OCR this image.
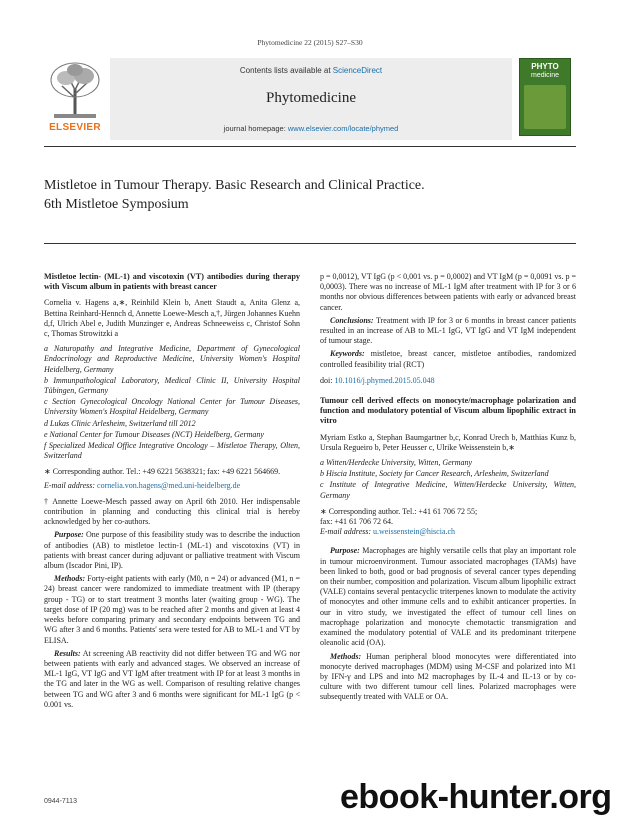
Phytomedicine 22 (2015) S27–S30
ELSEVIER
Contents lists available at ScienceDirect
Phytomedicine
journal homepage: www.elsevier.com/locate/phymed
PHYTO
medicine
Mistletoe in Tumour Therapy. Basic Research and Clinical Practice.
6th Mistletoe Symposium

Mistletoe lectin- (ML-1) and viscotoxin (VT) antibodies during therapy with Viscum album in patients with breast cancer

Cornelia v. Hagens a,∗, Reinhild Klein b, Anett Staudt a, Anita Glenz a, Bettina Reinhard-Hennch d, Annette Loewe-Mesch a,†, Jürgen Johannes Kuehn d,f, Ulrich Abel e, Judith Munzinger e, Andreas Schneeweiss c, Christof Sohn c, Thomas Strowitzki a

a Naturopathy and Integrative Medicine, Department of Gynecological Endocrinology and Reproductive Medicine, University Women's Hospital Heidelberg, Germany

b Immunpathological Laboratory, Medical Clinic II, University Hospital Tübingen, Germany

c Section Gynecological Oncology National Center for Tumour Diseases, University Women's Hospital Heidelberg, Germany

d Lukas Clinic Arlesheim, Switzerland till 2012

e National Center for Tumour Diseases (NCT) Heidelberg, Germany

f Specialized Medical Office Integrative Oncology – Mistletoe Therapy, Olten, Switzerland

∗ Corresponding author. Tel.: +49 6221 5638321; fax: +49 6221 564669.

E-mail address: cornelia.von.hagens@med.uni-heidelberg.de

† Annette Loewe-Mesch passed away on April 6th 2010. Her indispensable contribution in planning and conducting this clinical trial is hereby acknowledged by her co-authors.

Purpose: One purpose of this feasibility study was to describe the induction of antibodies (AB) to mistletoe lectin-1 (ML-1) and viscotoxins (VT) in patients with breast cancer during adjuvant or palliative treatment with Viscum album (Iscador Pini, IP).

Methods: Forty-eight patients with early (M0, n = 24) or advanced (M1, n = 24) breast cancer were randomized to immediate treatment with IP (therapy group - TG) or to start treatment 3 months later (waiting group - WG). The target dose of IP (20 mg) was to be reached after 2 months and given at least 4 weeks before comparing primary and secondary endpoints between TG and WG after 3 and 6 months. Patients' sera were tested for AB to ML-1 and VT by ELISA.

Results: At screening AB reactivity did not differ between TG and WG nor between patients with early and advanced stages. We observed an increase of ML-1 IgG, VT IgG and VT IgM after treatment with IP for at least 3 months in the TG and later in the WG as well. Comparison of resulting relative changes between TG and WG after 3 and 6 months were significant for ML-1 IgG (p < 0.001 vs.

p = 0,0012), VT IgG (p < 0,001 vs. p = 0,0002) and VT IgM (p = 0,0091 vs. p = 0,0003). There was no increase of ML-1 IgM after treatment with IP for 3 or 6 months nor obvious differences between patients with early or advanced breast cancer.

Conclusions: Treatment with IP for 3 or 6 months in breast cancer patients resulted in an increase of AB to ML-1 IgG, VT IgG and VT IgM independent of tumour stage.

Keywords: mistletoe, breast cancer, mistletoe antibodies, randomized controlled feasibility trial (RCT)

doi: 10.1016/j.phymed.2015.05.048

Tumour cell derived effects on monocyte/macrophage polarization and function and modulatory potential of Viscum album lipophilic extract in vitro

Myriam Estko a, Stephan Baumgartner b,c, Konrad Urech b, Matthias Kunz b, Ursula Regueiro b, Peter Heusser c, Ulrike Weissenstein b,∗

a Witten/Herdecke University, Witten, Germany

b Hiscia Institute, Society for Cancer Research, Arlesheim, Switzerland

c Institute of Integrative Medicine, Witten/Herdecke University, Witten, Germany

∗ Corresponding author. Tel.: +41 61 706 72 55;

fax: +41 61 706 72 64.

E-mail address: u.weissenstein@hiscia.ch

Purpose: Macrophages are highly versatile cells that play an important role in tumour microenvironment. Tumour associated macrophages (TAMs) have been linked to both, good or bad prognosis of several cancer types depending on their number, composition and polarization. Viscum album lipophilic extract (VALE) contains several pentacyclic triterpenes known to modulate the activity of monocytes and other immune cells and to exhibit anticancer properties. In our in vitro study, we investigated the effect of tumour cell lines on macrophage polarization and monocyte chemotactic transmigration and examined the modulatory potential of VALE and its predominant triterpene oleanolic acid (OA).

Methods: Human peripheral blood monocytes were differentiated into monocyte derived macrophages (MDM) using M-CSF and polarized into M1 by IFN-γ and LPS and into M2 macrophages by IL-4 and IL-13 or by co-culture with two different tumour cell lines. Polarized macrophages were subsequently treated with VALE or OA.

0944-7113	ebook-hunter.org
